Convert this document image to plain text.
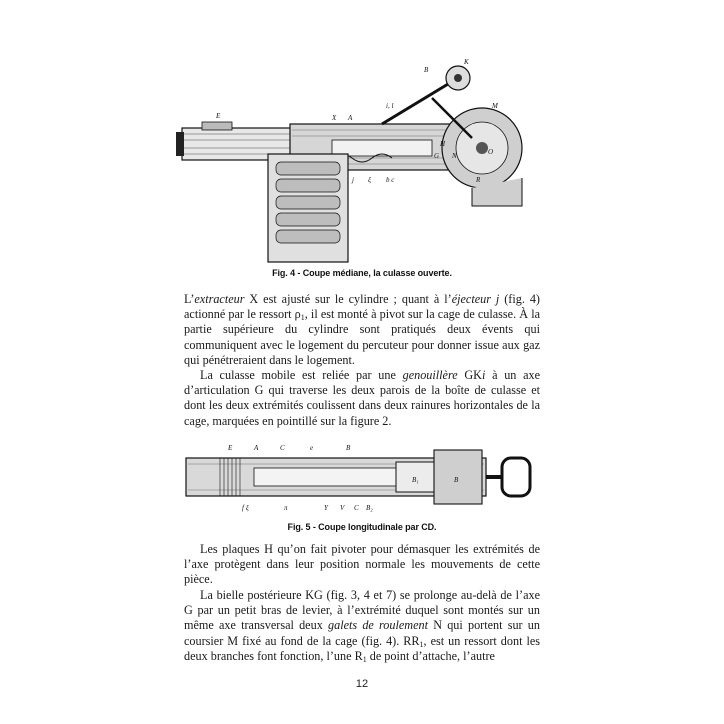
B
K
E	X A
i, l	M
H
N
G	O
R
j ξ b c
Fig. 4 - Coupe médiane, la culasse ouverte.

L’extracteur X est ajusté sur le cylindre ; quant à l’éjecteur j (fig. 4) actionné par le ressort $\rho_1$, il est monté à pivot sur la cage de culasse. À la partie supérieure du cylindre sont pratiqués deux évents qui communiquent avec le logement du percuteur pour donner issue aux gaz qui pénétreraient dans le logement.

La culasse mobile est reliée par une genouillère GKi à un axe d’articulation G qui traverse les deux parois de la boîte de culasse et dont les deux extrémités coulissent dans deux rainures horizontales de la cage, marquées en pointillé sur la figure 2.

E	A	C	e	B
B₁	B
f ξ	π	Y V C B₂
Fig. 5 - Coupe longitudinale par CD.

Les plaques H qu’on fait pivoter pour démasquer les extrémités de l’axe protègent dans leur position normale les mouvements de cette pièce.

La bielle postérieure KG (fig. 3, 4 et 7) se prolonge au-delà de l’axe G par un petit bras de levier, à l’extrémité duquel sont montés sur un même axe transversal deux galets de roulement N qui portent sur un coursier M fixé au fond de la cage (fig. 4). $RR_1$, est un ressort dont les deux branches font fonction, l’une $R_1$ de point d’attache, l’autre

12
